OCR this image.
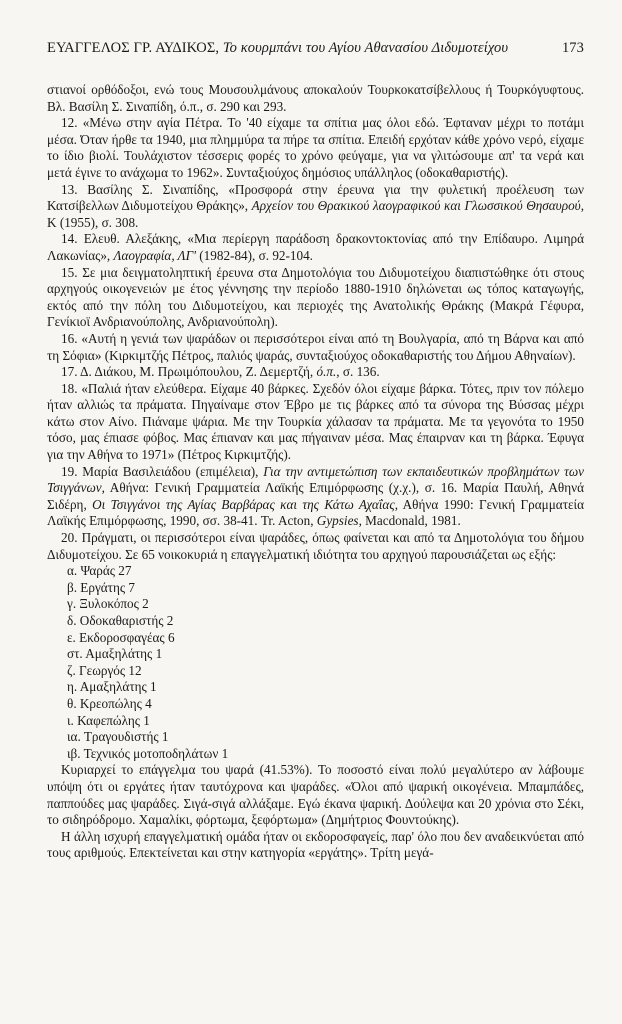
ΕΥΑΓΓΕΛΟΣ ΓΡ. ΑΥΔΙΚΟΣ, Το κουρμπάνι του Αγίου Αθανασίου Διδυμοτείχου	173

στιανοί ορθόδοξοι, ενώ τους Μουσουλμάνους αποκαλούν Τουρκοκατσίβελλους ή Τουρκόγυφτους. Βλ. Βασίλη Σ. Σιναπίδη, ό.π., σ. 290 και 293.

12. «Μένω στην αγία Πέτρα. Το '40 είχαμε τα σπίτια μας όλοι εδώ. Έφταναν μέχρι το ποτάμι μέσα. Όταν ήρθε τα 1940, μια πλημμύρα τα πήρε τα σπίτια. Επειδή ερχόταν κάθε χρόνο νερό, είχαμε το ίδιο βιολί. Τουλάχιστον τέσσερις φορές το χρόνο φεύγαμε, για να γλιτώσουμε απ' τα νερά και μετά έγινε το ανάχωμα το 1962». Συνταξιούχος δημόσιος υπάλληλος (οδοκαθαριστής).

13. Βασίλης Σ. Σιναπίδης, «Προσφορά στην έρευνα για την φυλετική προέλευση των Κατσίβελλων Διδυμοτείχου Θράκης», Αρχείον του Θρακικού λαογραφικού και Γλωσσικού Θησαυρού, Κ (1955), σ. 308.

14. Ελευθ. Αλεξάκης, «Μια περίεργη παράδοση δρακοντοκτονίας από την Επίδαυρο. Λιμηρά Λακωνίας», Λαογραφία, ΛΓ' (1982-84), σ. 92-104.

15. Σε μια δειγματοληπτική έρευνα στα Δημοτολόγια του Διδυμοτείχου διαπιστώθηκε ότι στους αρχηγούς οικογενειών με έτος γέννησης την περίοδο 1880-1910 δηλώνεται ως τόπος καταγωγής, εκτός από την πόλη του Διδυμοτείχου, και περιοχές της Ανατολικής Θράκης (Μακρά Γέφυρα, Γενίκιοϊ Ανδριανούπολης, Ανδριανούπολη).

16. «Αυτή η γενιά των ψαράδων οι περισσότεροι είναι από τη Βουλγαρία, από τη Βάρνα και από τη Σόφια» (Κιρκιμτζής Πέτρος, παλιός ψαράς, συνταξιούχος οδοκαθαριστής του Δήμου Αθηναίων).

17. Δ. Διάκου, Μ. Πρωιμόπουλου, Ζ. Δεμερτζή, ό.π., σ. 136.

18. «Παλιά ήταν ελεύθερα. Είχαμε 40 βάρκες. Σχεδόν όλοι είχαμε βάρκα. Τότες, πριν τον πόλεμο ήταν αλλιώς τα πράματα. Πηγαίναμε στον Έβρο με τις βάρκες από τα σύνορα της Βύσσας μέχρι κάτω στον Αίνο. Πιάναμε ψάρια. Με την Τουρκία χάλασαν τα πράματα. Με τα γεγονότα το 1950 τόσο, μας έπιασε φόβος. Μας έπιαναν και μας πήγαιναν μέσα. Μας έπαιρναν και τη βάρκα. Έφυγα για την Αθήνα το 1971» (Πέτρος Κιρκιμτζής).

19. Μαρία Βασιλειάδου (επιμέλεια), Για την αντιμετώπιση των εκπαιδευτικών προβλημάτων των Τσιγγάνων, Αθήνα: Γενική Γραμματεία Λαϊκής Επιμόρφωσης (χ.χ.), σ. 16. Μαρία Παυλή, Αθηνά Σιδέρη, Οι Τσιγγάνοι της Αγίας Βαρβάρας και της Κάτω Αχαΐας, Αθήνα 1990: Γενική Γραμματεία Λαϊκής Επιμόρφωσης, 1990, σσ. 38-41. Tr. Acton, Gypsies, Macdonald, 1981.

20. Πράγματι, οι περισσότεροι είναι ψαράδες, όπως φαίνεται και από τα Δημοτολόγια του δήμου Διδυμοτείχου. Σε 65 νοικοκυριά η επαγγελματική ιδιότητα του αρχηγού παρουσιάζεται ως εξής:

α. Ψαράς 27
β. Εργάτης 7
γ. Ξυλοκόπος 2
δ. Οδοκαθαριστής 2
ε. Εκδοροσφαγέας 6
στ. Αμαξηλάτης 1
ζ. Γεωργός 12
η. Αμαξηλάτης 1
θ. Κρεοπώλης 4
ι. Καφεπώλης 1
ια. Τραγουδιστής 1
ιβ. Τεχνικός μοτοποδηλάτων 1

Κυριαρχεί το επάγγελμα του ψαρά (41.53%). Το ποσοστό είναι πολύ μεγαλύτερο αν λάβουμε υπόψη ότι οι εργάτες ήταν ταυτόχρονα και ψαράδες. «Όλοι από ψαρική οικογένεια. Μπαμπάδες, παππούδες μας ψαράδες. Σιγά-σιγά αλλάξαμε. Εγώ έκανα ψαρική. Δούλεψα και 20 χρόνια στο Σέκι, το σιδηρόδρομο. Χαμαλίκι, φόρτωμα, ξεφόρτωμα» (Δημήτριος Φουντούκης).

Η άλλη ισχυρή επαγγελματική ομάδα ήταν οι εκδοροσφαγείς, παρ' όλο που δεν αναδεικνύεται από τους αριθμούς. Επεκτείνεται και στην κατηγορία «εργάτης». Τρίτη μεγά-
